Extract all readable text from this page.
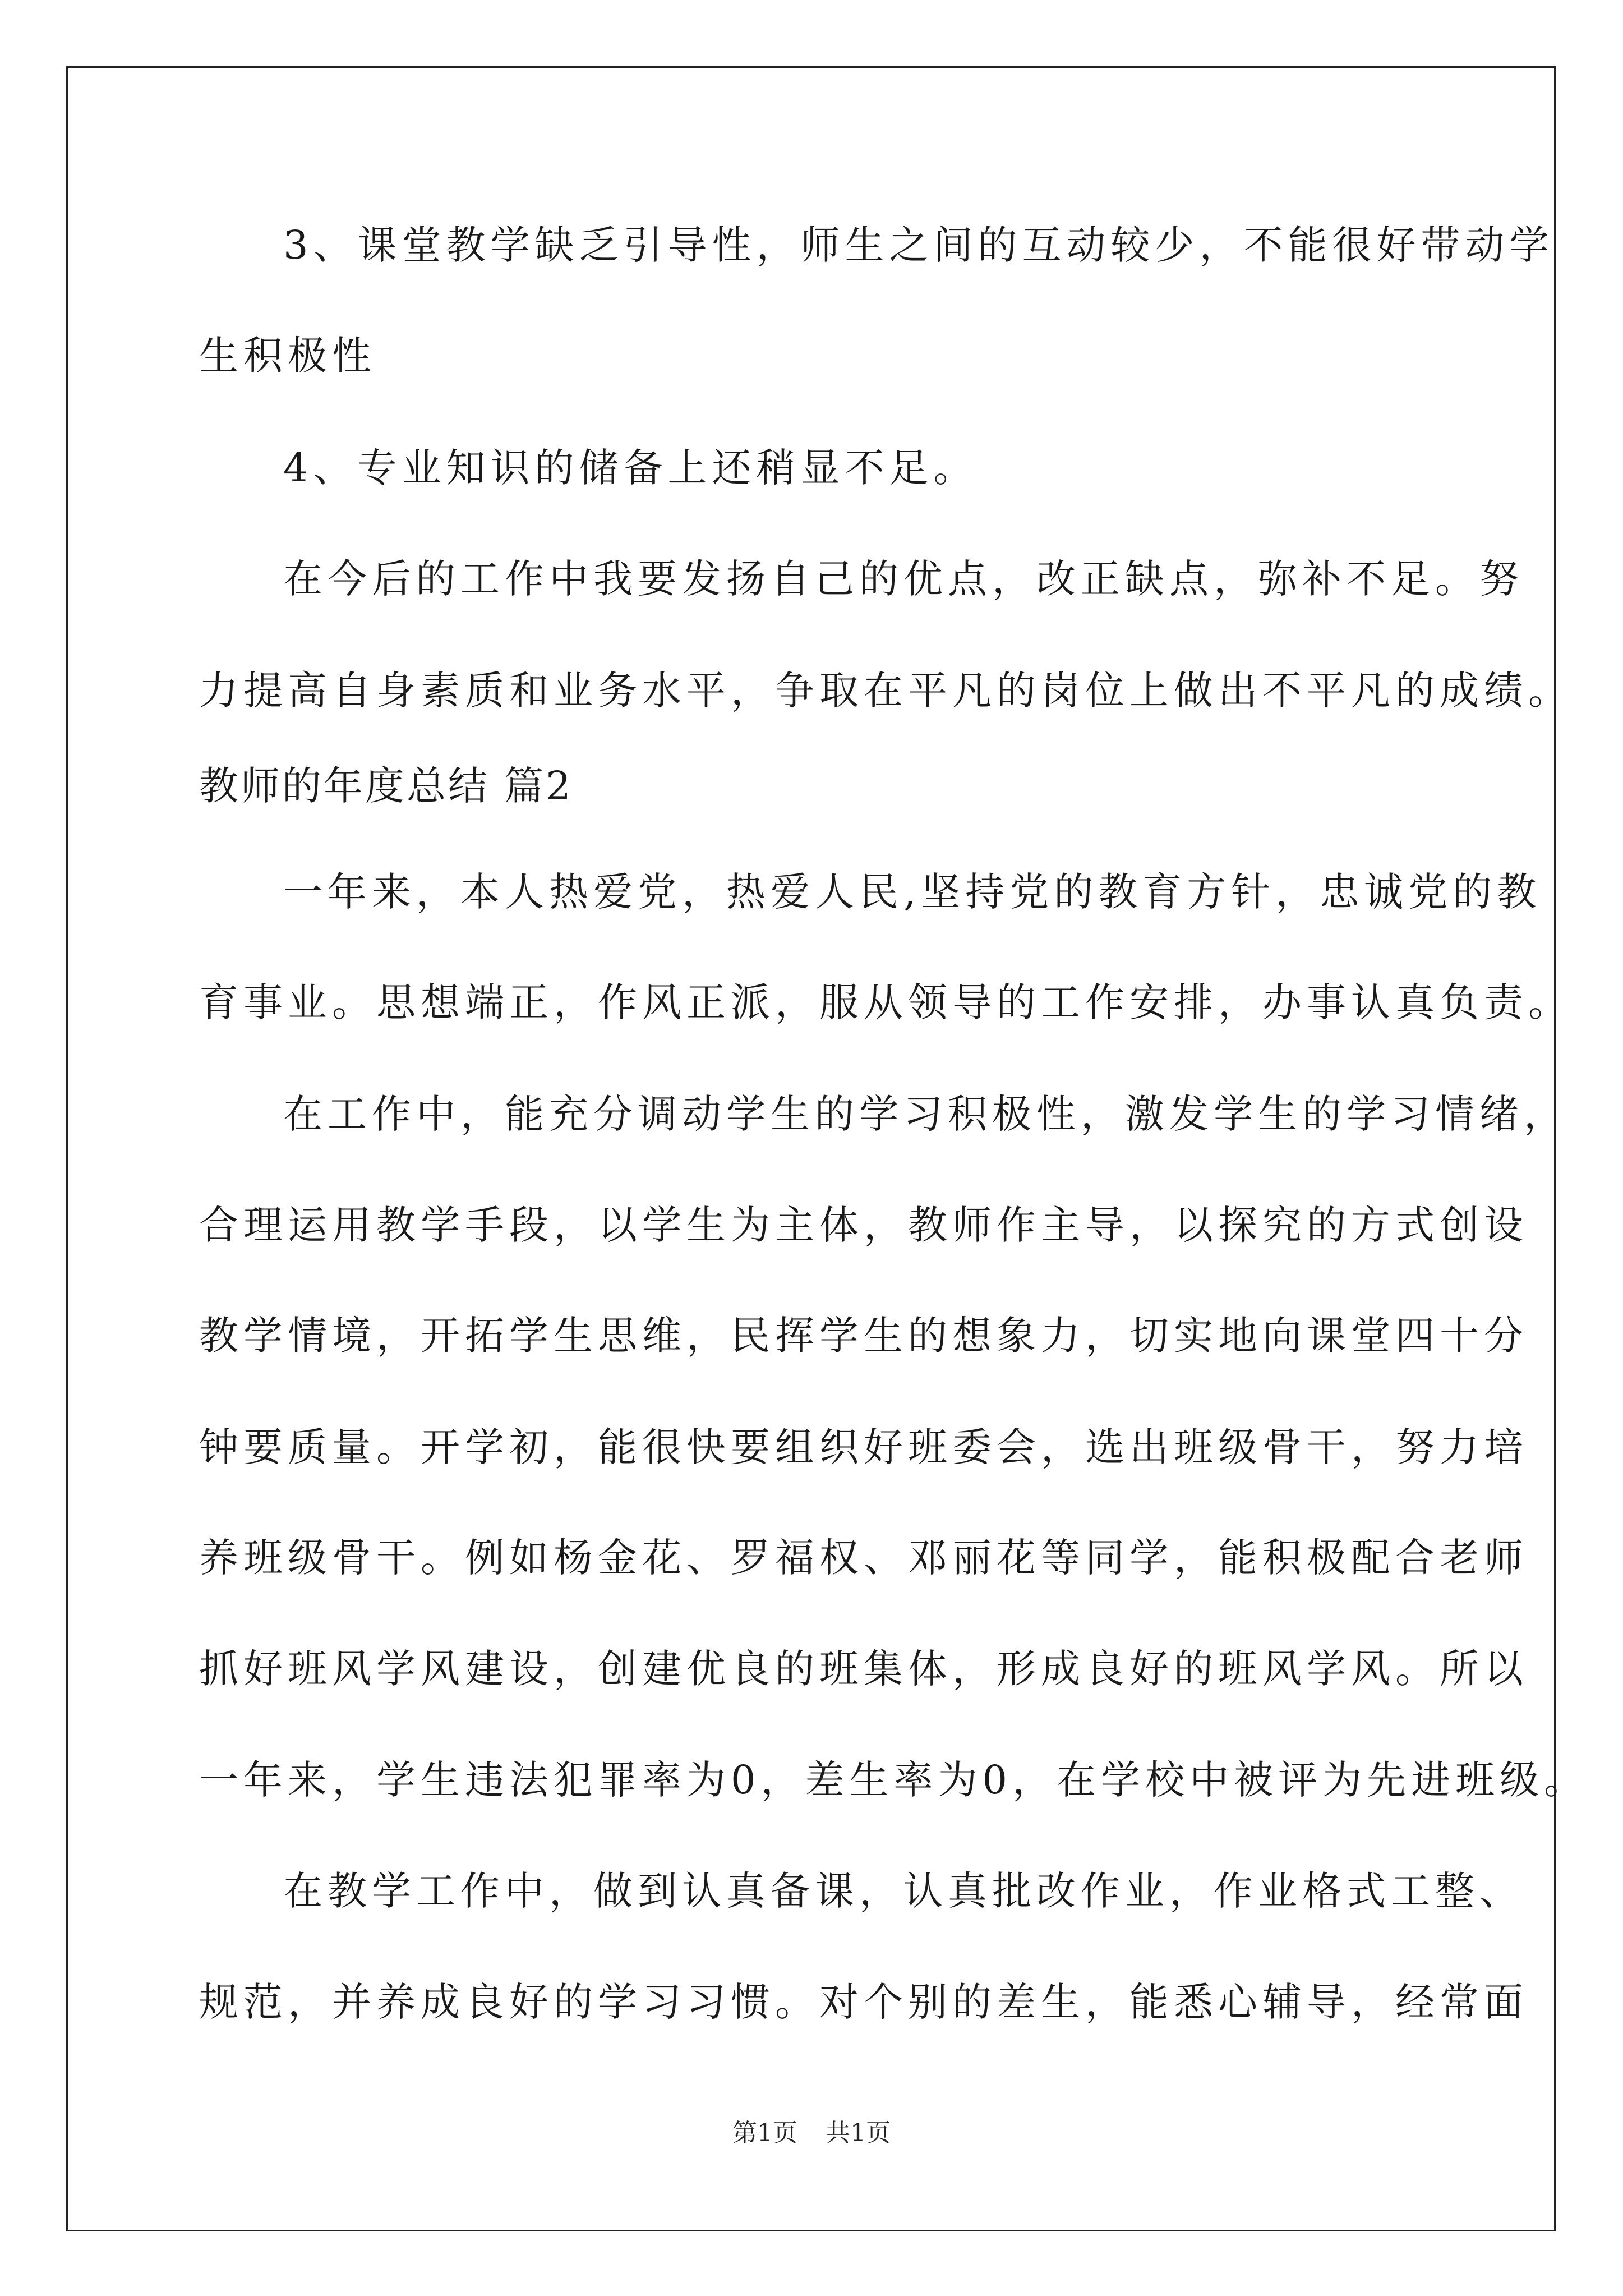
3、课堂教学缺乏引导性，师生之间的互动较少，不能很好带动学
生积极性
4、专业知识的储备上还稍显不足。
在今后的工作中我要发扬自己的优点，改正缺点，弥补不足。努
力提高自身素质和业务水平，争取在平凡的岗位上做出不平凡的成绩。
教师的年度总结 篇2
一年来，本人热爱党，热爱人民,坚持党的教育方针，忠诚党的教
育事业。思想端正，作风正派，服从领导的工作安排，办事认真负责。
在工作中，能充分调动学生的学习积极性，激发学生的学习情绪，
合理运用教学手段，以学生为主体，教师作主导，以探究的方式创设
教学情境，开拓学生思维，民挥学生的想象力，切实地向课堂四十分
钟要质量。开学初，能很快要组织好班委会，选出班级骨干，努力培
养班级骨干。例如杨金花、罗福权、邓丽花等同学，能积极配合老师
抓好班风学风建设，创建优良的班集体，形成良好的班风学风。所以
一年来，学生违法犯罪率为0，差生率为0，在学校中被评为先进班级。
在教学工作中，做到认真备课，认真批改作业，作业格式工整、
规范，并养成良好的学习习惯。对个别的差生，能悉心辅导，经常面
第1页 共1页
